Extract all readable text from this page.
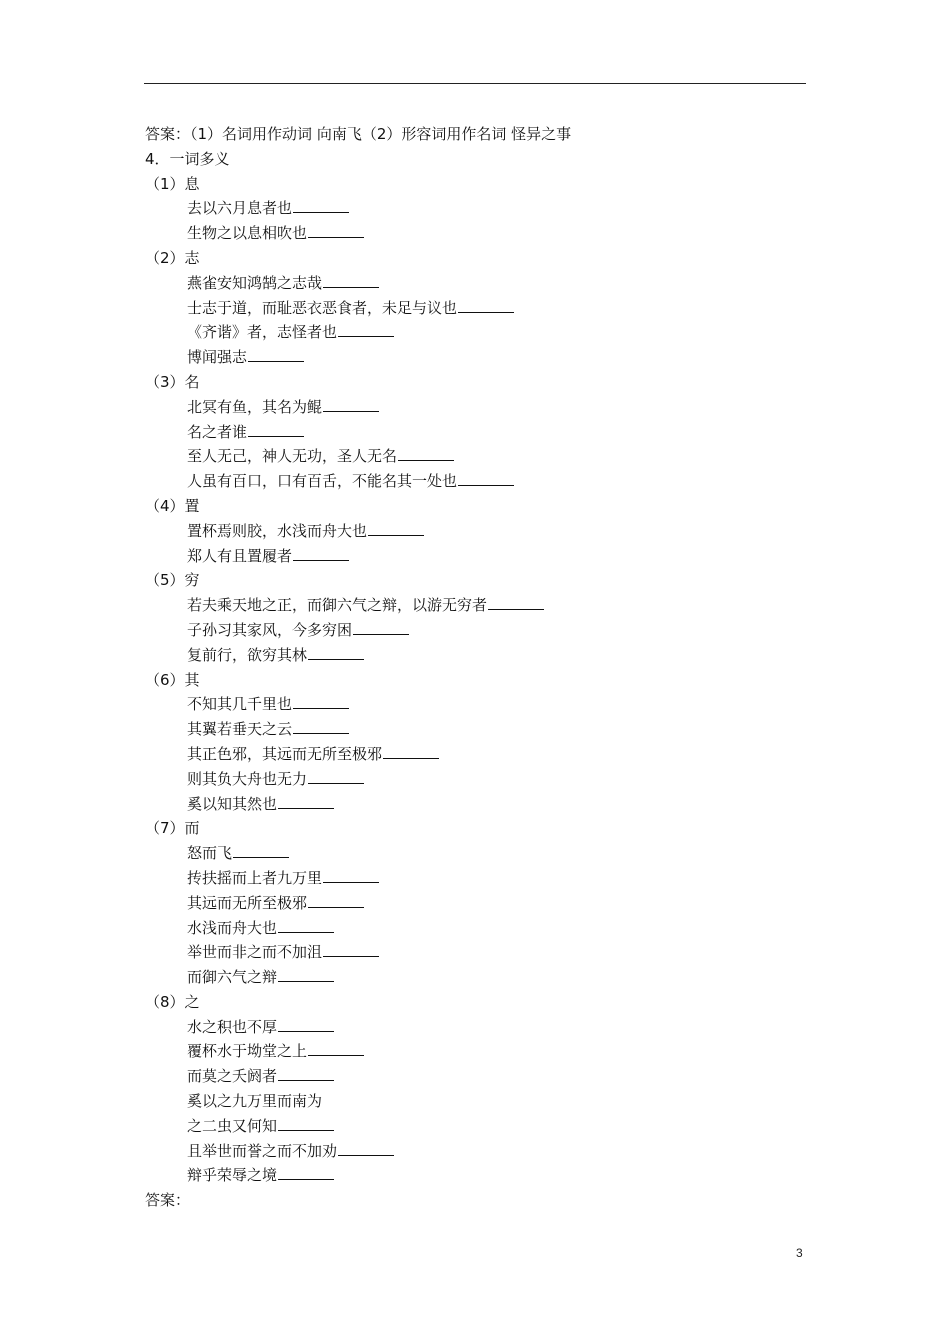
答案：（1）名词用作动词 向南飞（2）形容词用作名词 怪异之事
4．一词多义
（1）息
去以六月息者也
生物之以息相吹也
（2）志
燕雀安知鸿鹄之志哉
士志于道，而耻恶衣恶食者，未足与议也
《齐谐》者，志怪者也
博闻强志
（3）名
北冥有鱼，其名为鲲
名之者谁
至人无己，神人无功，圣人无名
人虽有百口，口有百舌，不能名其一处也
（4）置
置杯焉则胶，水浅而舟大也
郑人有且置履者
（5）穷
若夫乘天地之正，而御六气之辩，以游无穷者
子孙习其家风，今多穷困
复前行，欲穷其林
（6）其
不知其几千里也
其翼若垂天之云
其正色邪，其远而无所至极邪
则其负大舟也无力
奚以知其然也
（7）而
怒而飞
抟扶摇而上者九万里
其远而无所至极邪
水浅而舟大也
举世而非之而不加沮
而御六气之辩
（8）之
水之积也不厚
覆杯水于坳堂之上
而莫之夭阏者
奚以之九万里而南为
之二虫又何知
且举世而誉之而不加劝
辩乎荣辱之境
答案：
3
